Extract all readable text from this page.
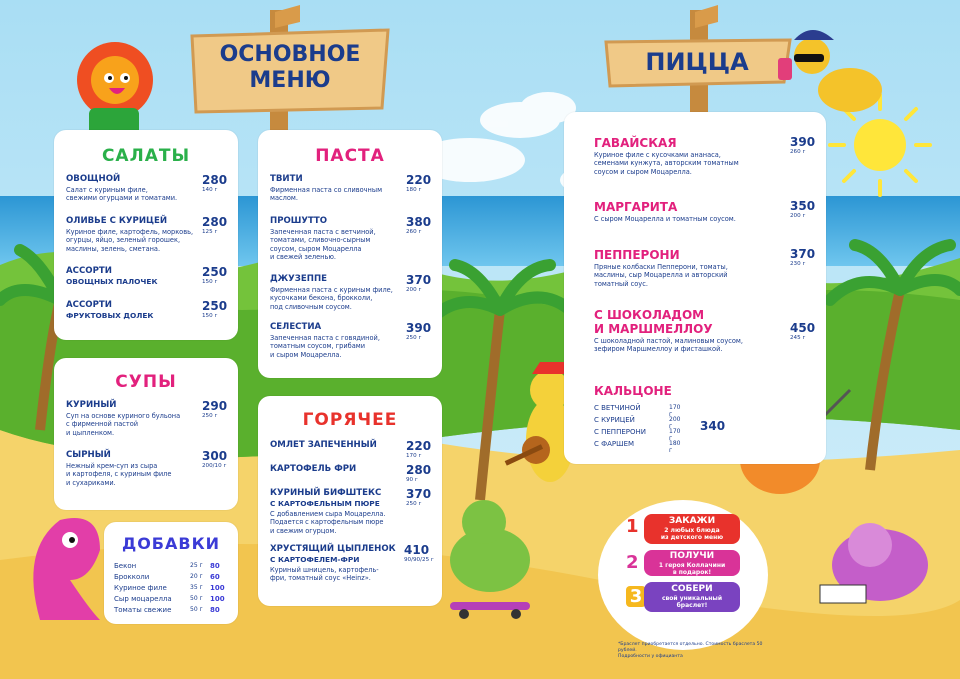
ОСНОВНОЕ
МЕНЮ
ПИЦЦА
САЛАТЫ
ОВОЩНОЙ
Салат с куриным филе,
свежими огурцами и томатами.
280
140 г
ОЛИВЬЕ С КУРИЦЕЙ
Куриное филе, картофель, морковь,
огурцы, яйцо, зеленый горошек,
маслины, зелень, сметана.
280
125 г
АССОРТИ
ОВОЩНЫХ ПАЛОЧЕК
250
150 г
АССОРТИ
ФРУКТОВЫХ ДОЛЕК
250
150 г
СУПЫ
КУРИНЫЙ
Суп на основе куриного бульона
с фирменной пастой
и цыпленком.
290
250 г
СЫРНЫЙ
Нежный крем-суп из сыра
и картофеля, с куриным филе
и сухариками.
300
200/10 г
ДОБАВКИ
Бекон	25 г 80
Брокколи	20 г 60
Куриное филе	35 г 100
Сыр моцарелла	50 г 100
Томаты свежие	50 г 80
ПАСТА
ТВИТИ
Фирменная паста со сливочным
маслом.
220
180 г
ПРОШУТТО
Запеченная паста с ветчиной,
томатами, сливочно-сырным
соусом, сыром Моцарелла
и свежей зеленью.
380
260 г
ДЖУЗЕППЕ
Фирменная паста с куриным филе,
кусочками бекона, брокколи,
под сливочным соусом.
370
200 г
СЕЛЕСТИА
Запеченная паста с говядиной,
томатным соусом, грибами
и сыром Моцарелла.
390
250 г
ГОРЯЧЕЕ
ОМЛЕТ ЗАПЕЧЕННЫЙ	220
170 г
КАРТОФЕЛЬ ФРИ	280
90 г
КУРИНЫЙ БИФШТЕКС
С КАРТОФЕЛЬНЫМ ПЮРЕ
С добавлением сыра Моцарелла.
Подается с картофельным пюре
и свежим огурцом.
370
250 г
ХРУСТЯЩИЙ ЦЫПЛЕНОК
С КАРТОФЕЛЕМ-ФРИ
Куриный шницель, картофель-
фри, томатный соус «Heinz».
410
90/90/25 г
ГАВАЙСКАЯ
Куриное филе с кусочками ананаса,
семенами кунжута, авторским томатным
соусом и сыром Моцарелла.
390
260 г
МАРГАРИТА
С сыром Моцарелла и томатным соусом.
350
200 г
ПЕППЕРОНИ
Пряные колбаски Пепперони, томаты,
маслины, сыр Моцарелла и авторский
томатный соус.
370
230 г
С ШОКОЛАДОМ
И МАРШМЕЛЛОУ
С шоколадной пастой, малиновым соусом,
зефиром Маршмеллоу и фисташкой.
450
245 г
КАЛЬЦОНЕ
С ВЕТЧИНОЙ	170 г
С КУРИЦЕЙ	200 г
С ПЕППЕРОНИ	170 г
С ФАРШЕМ	180 г
340
1	ЗАКАЖИ
2 любых блюда
из детского меню
2	ПОЛУЧИ
1 героя Коллачини
в подарок!
3	СОБЕРИ
свой уникальный
браслет!
*Браслет приобретается отдельно. Стоимость браслета 50 рублей.
Подробности у официанта
